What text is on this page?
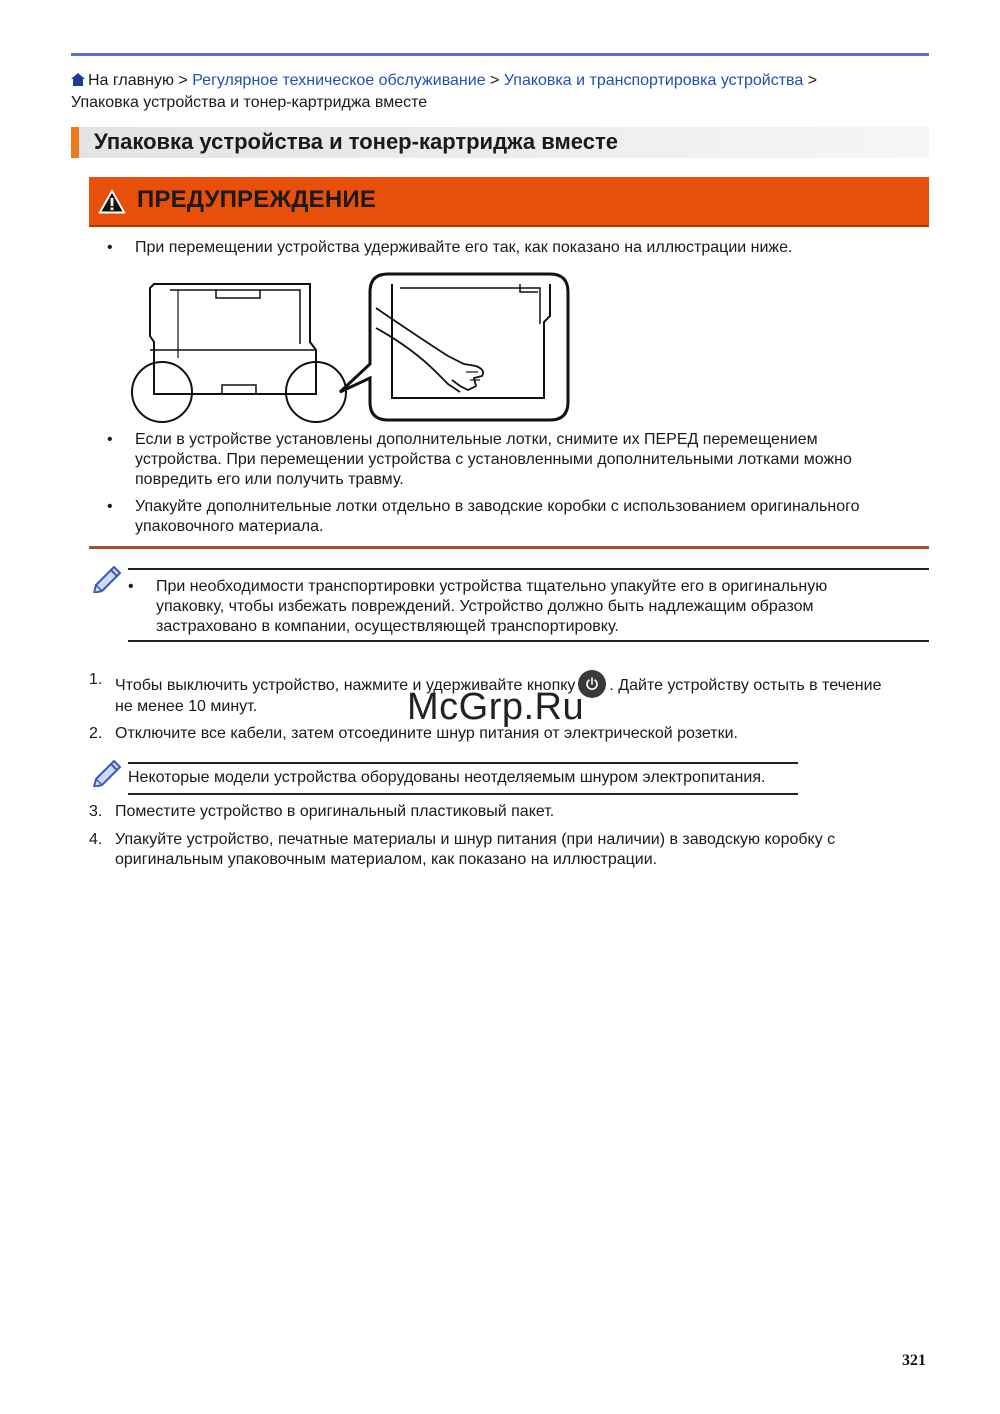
На главную > Регулярное техническое обслуживание > Упаковка и транспортировка устройства >
Упаковка устройства и тонер-картриджа вместе
Упаковка устройства и тонер-картриджа вместе
ПРЕДУПРЕЖДЕНИЕ
• При перемещении устройства удерживайте его так, как показано на иллюстрации ниже.
• Если в устройстве установлены дополнительные лотки, снимите их ПЕРЕД перемещением
устройства. При перемещении устройства с установленными дополнительными лотками можно
повредить его или получить травму.
• Упакуйте дополнительные лотки отдельно в заводские коробки с использованием оригинального
упаковочного материала.
• При необходимости транспортировки устройства тщательно упакуйте его в оригинальную
упаковку, чтобы избежать повреждений. Устройство должно быть надлежащим образом
застраховано в компании, осуществляющей транспортировку.
1. Чтобы выключить устройство, нажмите и удерживайте кнопку . Дайте устройству остыть в течение
не менее 10 минут.	McGrp.Ru
2. Отключите все кабели, затем отсоедините шнур питания от электрической розетки.
Некоторые модели устройства оборудованы неотделяемым шнуром электропитания.
3. Поместите устройство в оригинальный пластиковый пакет.
4. Упакуйте устройство, печатные материалы и шнур питания (при наличии) в заводскую коробку с
оригинальным упаковочным материалом, как показано на иллюстрации.
321
